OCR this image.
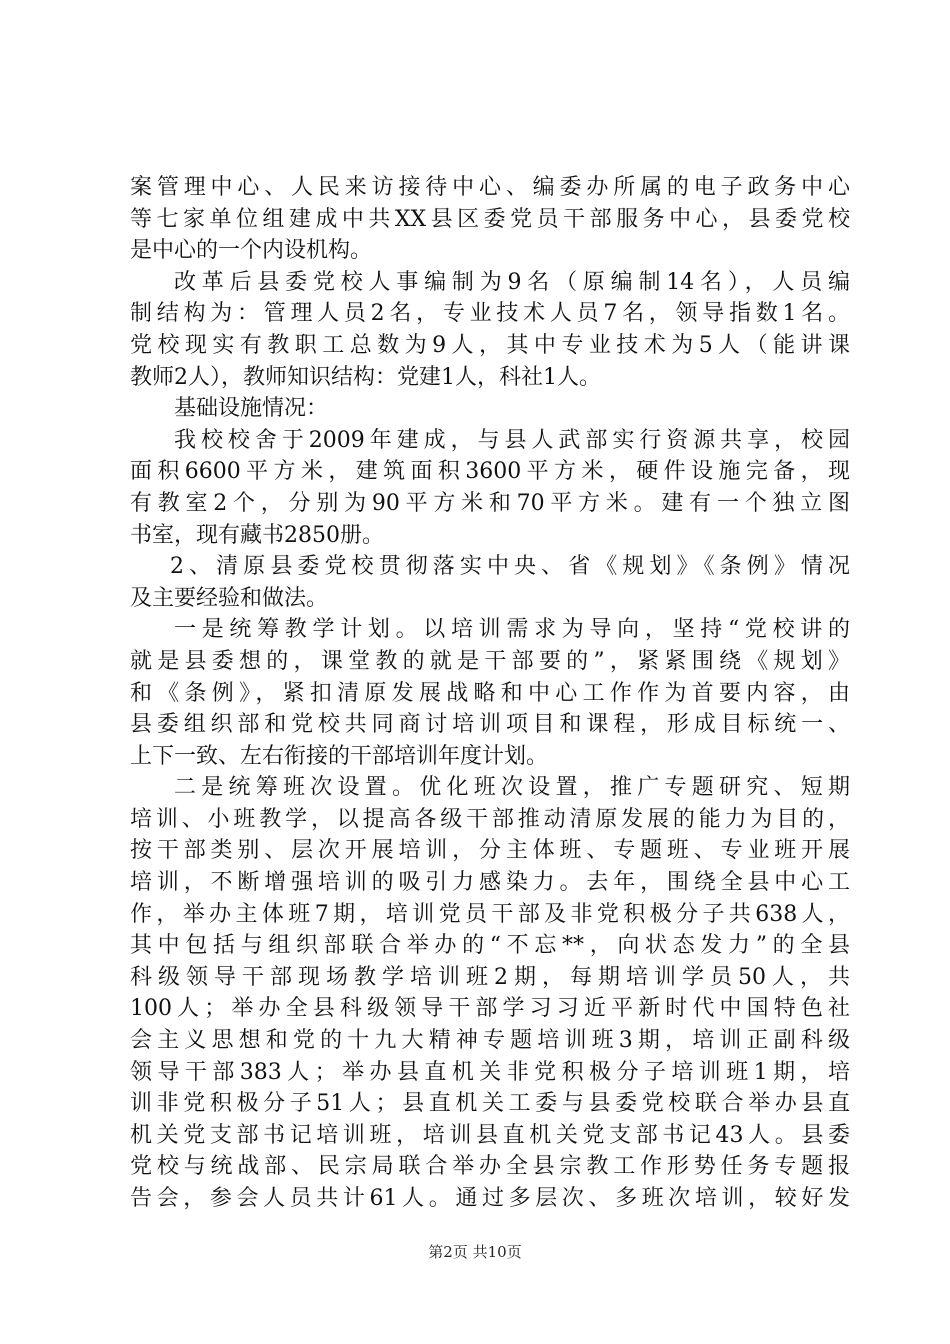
案管理中心、人民来访接待中心、编委办所属的电子政务中心
等七家单位组建成中共XX县区委党员干部服务中心，县委党校
是中心的一个内设机构。
改革后县委党校人事编制为9名（原编制14名），人员编
制结构为：管理人员2名，专业技术人员7名，领导指数1名。
党校现实有教职工总数为9人，其中专业技术为5人（能讲课
教师2人），教师知识结构：党建1人，科社1人。
基础设施情况：
我校校舍于2009年建成，与县人武部实行资源共享，校园
面积6600平方米，建筑面积3600平方米，硬件设施完备，现
有教室2个，分别为90平方米和70平方米。建有一个独立图
书室，现有藏书2850册。
2、清原县委党校贯彻落实中央、省《规划》《条例》情况
及主要经验和做法。
一是统筹教学计划。以培训需求为导向，坚持“党校讲的
就是县委想的，课堂教的就是干部要的”，紧紧围绕《规划》
和《条例》，紧扣清原发展战略和中心工作作为首要内容，由
县委组织部和党校共同商讨培训项目和课程，形成目标统一、
上下一致、左右衔接的干部培训年度计划。
二是统筹班次设置。优化班次设置，推广专题研究、短期
培训、小班教学，以提高各级干部推动清原发展的能力为目的，
按干部类别、层次开展培训，分主体班、专题班、专业班开展
培训，不断增强培训的吸引力感染力。去年，围绕全县中心工
作，举办主体班7期，培训党员干部及非党积极分子共638人，
其中包括与组织部联合举办的“不忘**，向状态发力”的全县
科级领导干部现场教学培训班2期，每期培训学员50人，共
100人；举办全县科级领导干部学习习近平新时代中国特色社
会主义思想和党的十九大精神专题培训班3期，培训正副科级
领导干部383人；举办县直机关非党积极分子培训班1期，培
训非党积极分子51人；县直机关工委与县委党校联合举办县直
机关党支部书记培训班，培训县直机关党支部书记43人。县委
党校与统战部、民宗局联合举办全县宗教工作形势任务专题报
告会，参会人员共计61人。通过多层次、多班次培训，较好发
第2页 共10页
